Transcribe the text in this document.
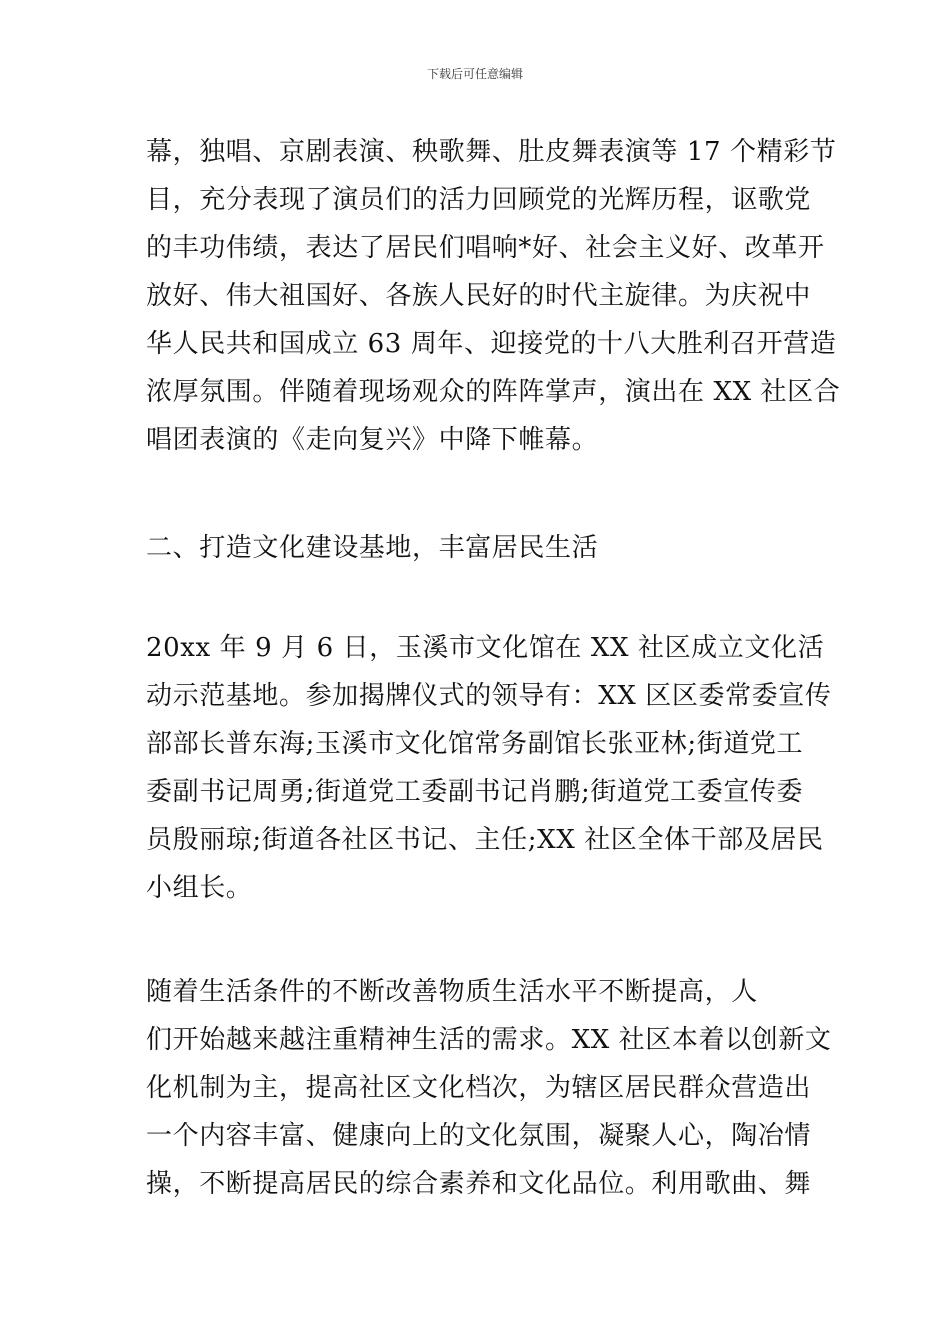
下载后可任意编辑
幕，独唱、京剧表演、秧歌舞、肚皮舞表演等 17 个精彩节
目，充分表现了演员们的活力回顾党的光辉历程，讴歌党
的丰功伟绩，表达了居民们唱响*好、社会主义好、改革开
放好、伟大祖国好、各族人民好的时代主旋律。为庆祝中
华人民共和国成立 63 周年、迎接党的十八大胜利召开营造
浓厚氛围。伴随着现场观众的阵阵掌声，演出在 XX 社区合
唱团表演的《走向复兴》中降下帷幕。
二、打造文化建设基地，丰富居民生活
20xx 年 9 月 6 日，玉溪市文化馆在 XX 社区成立文化活
动示范基地。参加揭牌仪式的领导有：XX 区区委常委宣传
部部长普东海;玉溪市文化馆常务副馆长张亚林;街道党工
委副书记周勇;街道党工委副书记肖鹏;街道党工委宣传委
员殷丽琼;街道各社区书记、主任;XX 社区全体干部及居民
小组长。
随着生活条件的不断改善物质生活水平不断提高，人
们开始越来越注重精神生活的需求。XX 社区本着以创新文
化机制为主，提高社区文化档次，为辖区居民群众营造出
一个内容丰富、健康向上的文化氛围，凝聚人心，陶冶情
操，不断提高居民的综合素养和文化品位。利用歌曲、舞
